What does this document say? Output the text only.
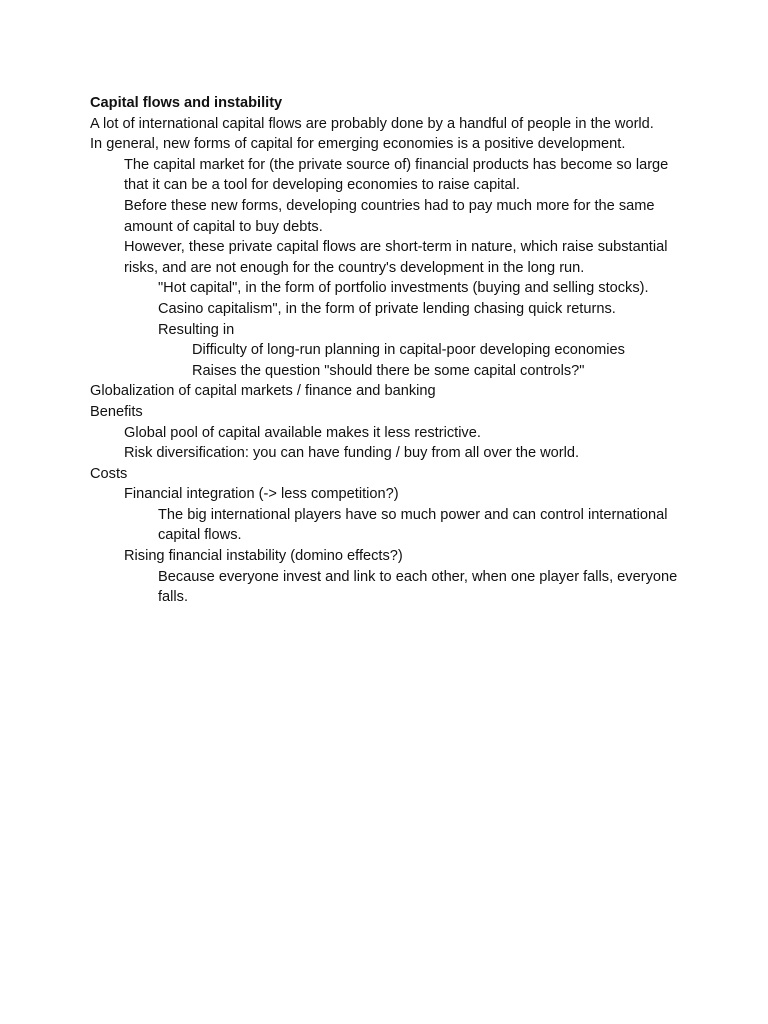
Capital flows and instability
A lot of international capital flows are probably done by a handful of people in the world.
In general, new forms of capital for emerging economies is a positive development.
The capital market for (the private source of) financial products has become so large that it can be a tool for developing economies to raise capital.
Before these new forms, developing countries had to pay much more for the same amount of capital to buy debts.
However, these private capital flows are short-term in nature, which raise substantial risks, and are not enough for the country's development in the long run.
"Hot capital", in the form of portfolio investments (buying and selling stocks).
Casino capitalism", in the form of private lending chasing quick returns.
Resulting in
Difficulty of long-run planning in capital-poor developing economies
Raises the question "should there be some capital controls?"
Globalization of capital markets / finance and banking
Benefits
Global pool of capital available makes it less restrictive.
Risk diversification: you can have funding / buy from all over the world.
Costs
Financial integration (-> less competition?)
The big international players have so much power and can control international capital flows.
Rising financial instability (domino effects?)
Because everyone invest and link to each other, when one player falls, everyone falls.
